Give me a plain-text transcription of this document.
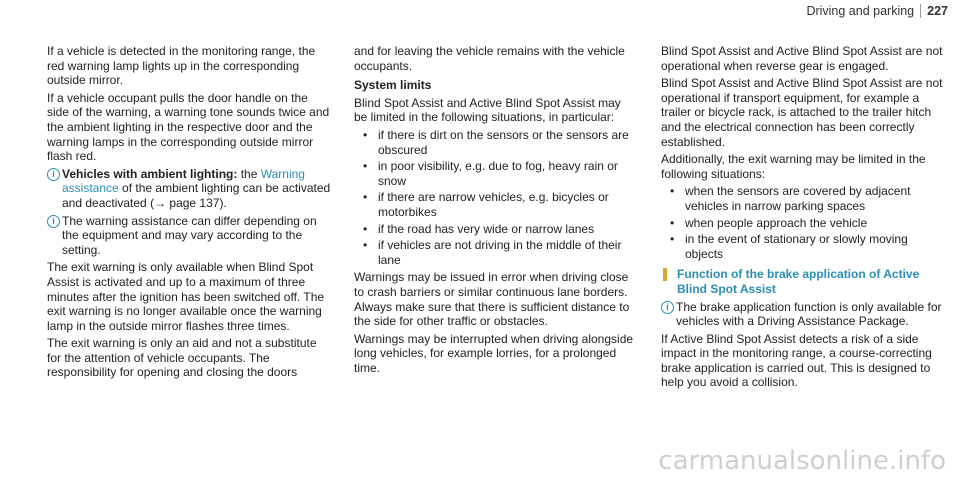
Driving and parking 227

If a vehicle is detected in the monitoring range, the red warning lamp lights up in the corresponding outside mirror.

If a vehicle occupant pulls the door handle on the side of the warning, a warning tone sounds twice and the ambient lighting in the respective door and the warning lamps in the corresponding outside mirror flash red.

i Vehicles with ambient lighting: the Warning assistance of the ambient lighting can be activated and deactivated (→ page 137).
i The warning assistance can differ depending on the equipment and may vary according to the setting.

The exit warning is only available when Blind Spot Assist is activated and up to a maximum of three minutes after the ignition has been switched off. The exit warning is no longer available once the warning lamp in the outside mirror flashes three times.

The exit warning is only an aid and not a substitute for the attention of vehicle occupants. The responsibility for opening and closing the doors

and for leaving the vehicle remains with the vehicle occupants.

System limits

Blind Spot Assist and Active Blind Spot Assist may be limited in the following situations, in particular:

• if there is dirt on the sensors or the sensors are obscured
• in poor visibility, e.g. due to fog, heavy rain or snow
• if there are narrow vehicles, e.g. bicycles or motorbikes
• if the road has very wide or narrow lanes
• if vehicles are not driving in the middle of their lane

Warnings may be issued in error when driving close to crash barriers or similar continuous lane borders. Always make sure that there is sufficient distance to the side for other traffic or obstacles.

Warnings may be interrupted when driving alongside long vehicles, for example lorries, for a prolonged time.

Blind Spot Assist and Active Blind Spot Assist are not operational when reverse gear is engaged.

Blind Spot Assist and Active Blind Spot Assist are not operational if transport equipment, for example a trailer or bicycle rack, is attached to the trailer hitch and the electrical connection has been correctly established.

Additionally, the exit warning may be limited in the following situations:

• when the sensors are covered by adjacent vehicles in narrow parking spaces
• when people approach the vehicle
• in the event of stationary or slowly moving objects
Function of the brake application of Active Blind Spot Assist
i The brake application function is only available for vehicles with a Driving Assistance Package.

If Active Blind Spot Assist detects a risk of a side impact in the monitoring range, a course-correcting brake application is carried out. This is designed to help you avoid a collision.

carmanualsonline.info
